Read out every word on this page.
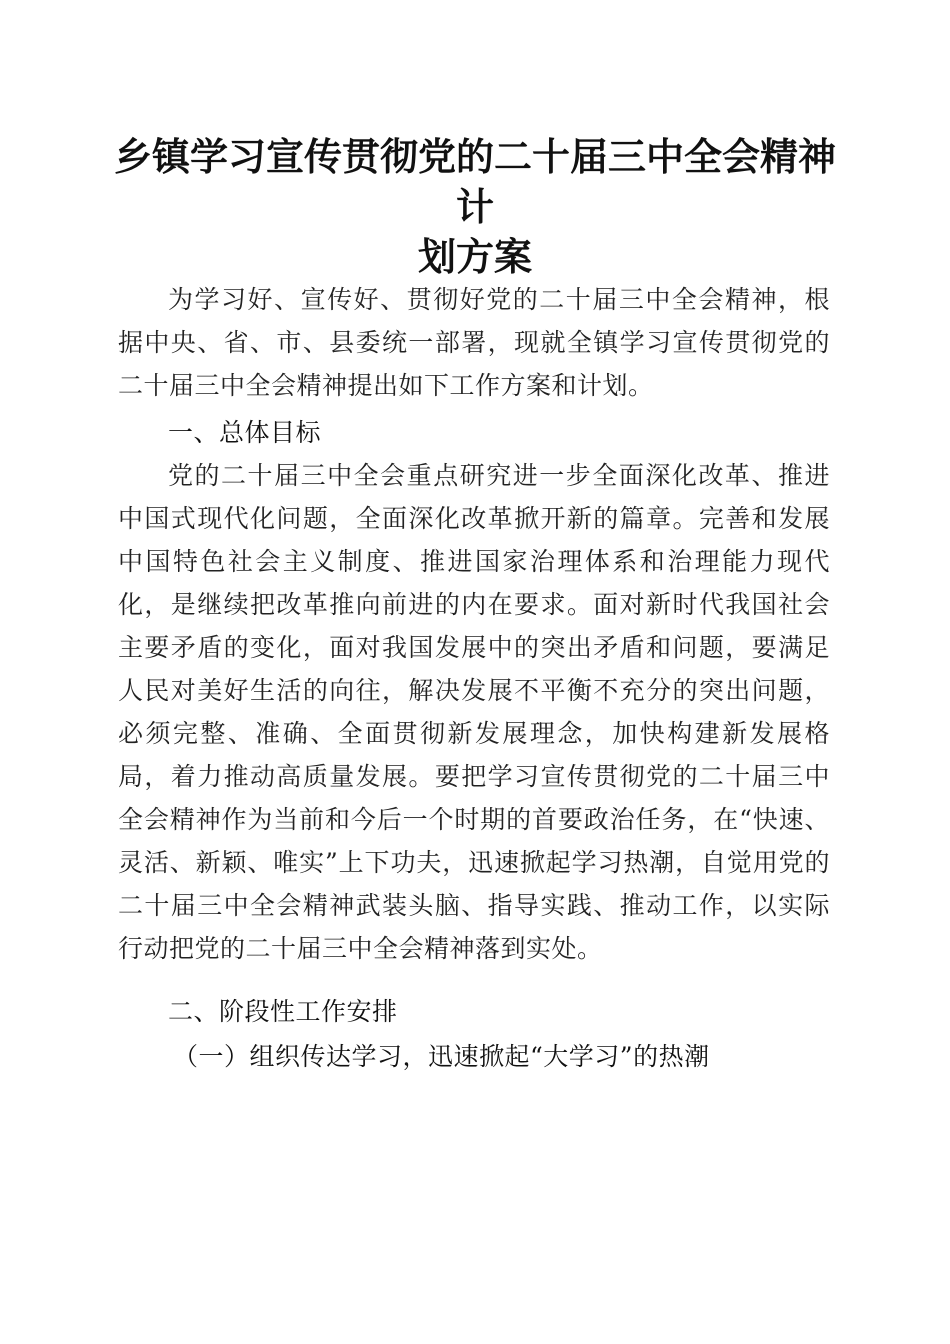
乡镇学习宣传贯彻党的二十届三中全会精神计
划方案

为学习好、宣传好、贯彻好党的二十届三中全会精神，根据中央、省、市、县委统一部署，现就全镇学习宣传贯彻党的二十届三中全会精神提出如下工作方案和计划。

一、总体目标

党的二十届三中全会重点研究进一步全面深化改革、推进中国式现代化问题，全面深化改革掀开新的篇章。完善和发展中国特色社会主义制度、推进国家治理体系和治理能力现代化，是继续把改革推向前进的内在要求。面对新时代我国社会主要矛盾的变化，面对我国发展中的突出矛盾和问题，要满足人民对美好生活的向往，解决发展不平衡不充分的突出问题，必须完整、准确、全面贯彻新发展理念，加快构建新发展格局，着力推动高质量发展。要把学习宣传贯彻党的二十届三中全会精神作为当前和今后一个时期的首要政治任务，在“快速、灵活、新颖、唯实”上下功夫，迅速掀起学习热潮，自觉用党的二十届三中全会精神武装头脑、指导实践、推动工作，以实际行动把党的二十届三中全会精神落到实处。

二、阶段性工作安排

（一）组织传达学习，迅速掀起“大学习”的热潮
